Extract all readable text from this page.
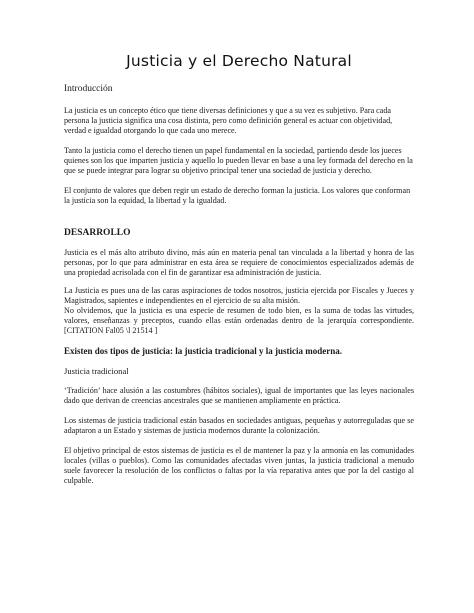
Justicia y el Derecho Natural
Introducción

La justicia es un concepto ético que tiene diversas definiciones y que a su vez es subjetivo. Para cada persona la justicia significa una cosa distinta, pero como definición general es actuar con objetividad, verdad e igualdad otorgando lo que cada uno merece.

Tanto la justicia como el derecho tienen un papel fundamental en la sociedad, partiendo desde los jueces quienes son los que imparten justicia y aquello lo pueden llevar en base a una ley formada del derecho en la que se puede integrar para lograr su objetivo principal tener una sociedad de justicia y derecho.

El conjunto de valores que deben regir un estado de derecho forman la justicia. Los valores que conforman la justicia son la equidad, la libertad y la igualdad.

DESARROLLO

Justicia es el más alto atributo divino, más aún en materia penal tan vinculada a la libertad y honra de las personas, por lo que para administrar en esta área se requiere de conocimientos especializados además de una propiedad acrisolada con el fin de garantizar esa administración de justicia.

La Justicia es pues una de las caras aspiraciones de todos nosotros, justicia ejercida por Fiscales y Jueces y Magistrados, sapientes e independientes en el ejercicio de su alta misión.

No olvidemos, que la justicia es una especie de resumen de todo bien, es la suma de todas las virtudes, valores, enseñanzas y preceptos, cuando ellas están ordenadas dentro de la jerarquía correspondiente. [CITATION Fal05 \l 21514 ]

Existen dos tipos de justicia: la justicia tradicional y la justicia moderna.
Justicia tradicional

‘Tradición’ hace alusión a las costumbres (hábitos sociales), igual de importantes que las leyes nacionales dado que derivan de creencias ancestrales que se mantienen ampliamente en práctica.

Los sistemas de justicia tradicional están basados en sociedades antiguas, pequeñas y autorreguladas que se adaptaron a un Estado y sistemas de justicia modernos durante la colonización.

El objetivo principal de estos sistemas de justicia es el de mantener la paz y la armonía en las comunidades locales (villas o pueblos). Como las comunidades afectadas viven juntas, la justicia tradicional a menudo suele favorecer la resolución de los conflictos o faltas por la vía reparativa antes que por la del castigo al culpable.
